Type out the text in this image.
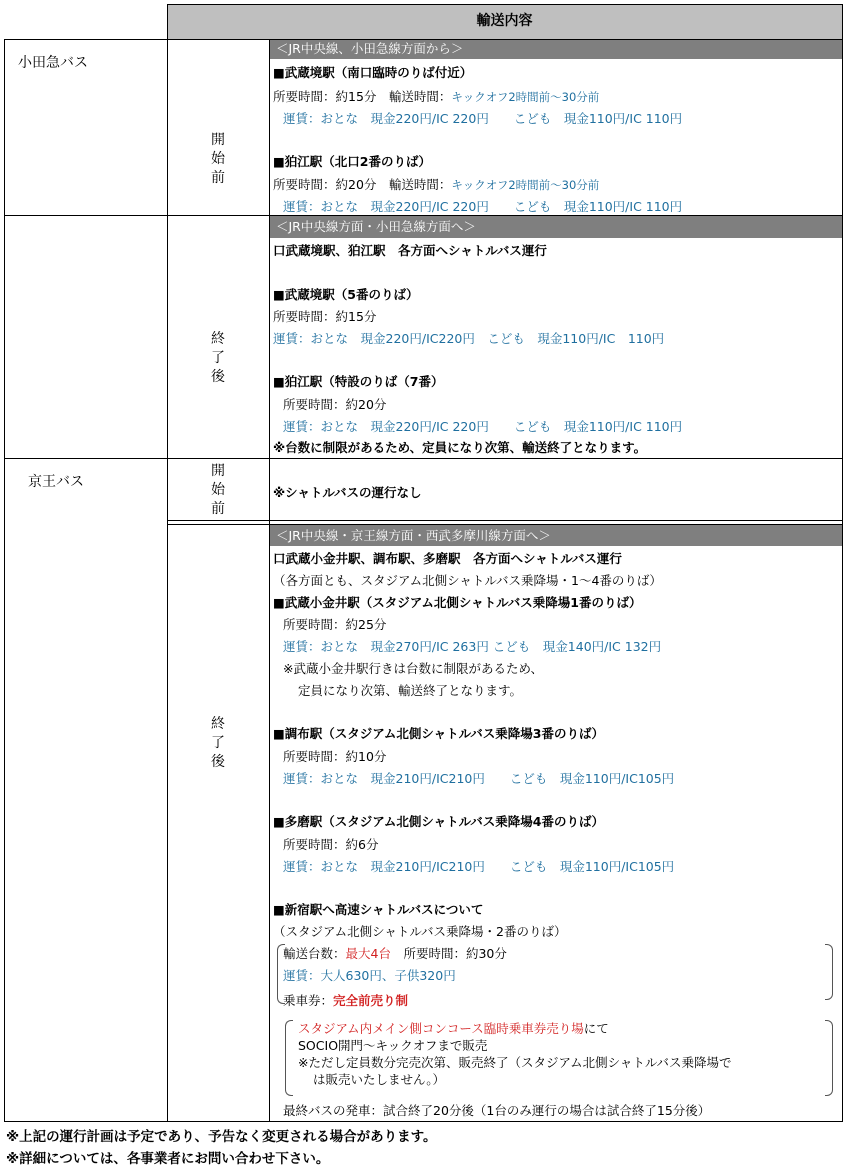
輸送内容
小田急バス
開
始
前
＜JR中央線、小田急線方面から＞
■武蔵境駅（南口臨時のりば付近）
所要時間：約15分　輸送時間：キックオフ2時間前～30分前
運賃：おとな　現金220円/IC 220円　　こども　現金110円/IC 110円
■狛江駅（北口2番のりば）
所要時間：約20分　輸送時間：キックオフ2時間前～30分前
運賃：おとな　現金220円/IC 220円　　こども　現金110円/IC 110円
終
了
後
＜JR中央線方面・小田急線方面へ＞
口武蔵境駅、狛江駅　各方面へシャトルバス運行
■武蔵境駅（5番のりば）
所要時間：約15分
運賃：おとな　現金220円/IC220円　こども　現金110円/IC　110円
■狛江駅（特設のりば（7番）
所要時間：約20分
運賃：おとな　現金220円/IC 220円　　こども　現金110円/IC 110円
※台数に制限があるため、定員になり次第、輸送終了となります。
京王バス
開
始
前
※シャトルバスの運行なし
終
了
後
＜JR中央線・京王線方面・西武多摩川線方面へ＞
口武蔵小金井駅、調布駅、多磨駅　各方面へシャトルバス運行
（各方面とも、スタジアム北側シャトルバス乗降場・1～4番のりば）
■武蔵小金井駅（スタジアム北側シャトルバス乗降場1番のりば）
所要時間：約25分
運賃：おとな　現金270円/IC 263円 こども　現金140円/IC 132円
※武蔵小金井駅行きは台数に制限があるため、
定員になり次第、輸送終了となります。
■調布駅（スタジアム北側シャトルバス乗降場3番のりば）
所要時間：約10分
運賃：おとな　現金210円/IC210円　　こども　現金110円/IC105円
■多磨駅（スタジアム北側シャトルバス乗降場4番のりば）
所要時間：約6分
運賃：おとな　現金210円/IC210円　　こども　現金110円/IC105円
■新宿駅へ高速シャトルバスについて
（スタジアム北側シャトルバス乗降場・2番のりば）
輸送台数：最大4台　所要時間：約30分
運賃：大人630円、子供320円
乗車券：完全前売り制
スタジアム内メイン側コンコース臨時乗車券売り場にて
SOCIO開門～キックオフまで販売
※ただし定員数分完売次第、販売終了（スタジアム北側シャトルバス乗降場で
は販売いたしません。）
最終バスの発車：試合終了20分後（1台のみ運行の場合は試合終了15分後）
※上記の運行計画は予定であり、予告なく変更される場合があります。
※詳細については、各事業者にお問い合わせ下さい。
